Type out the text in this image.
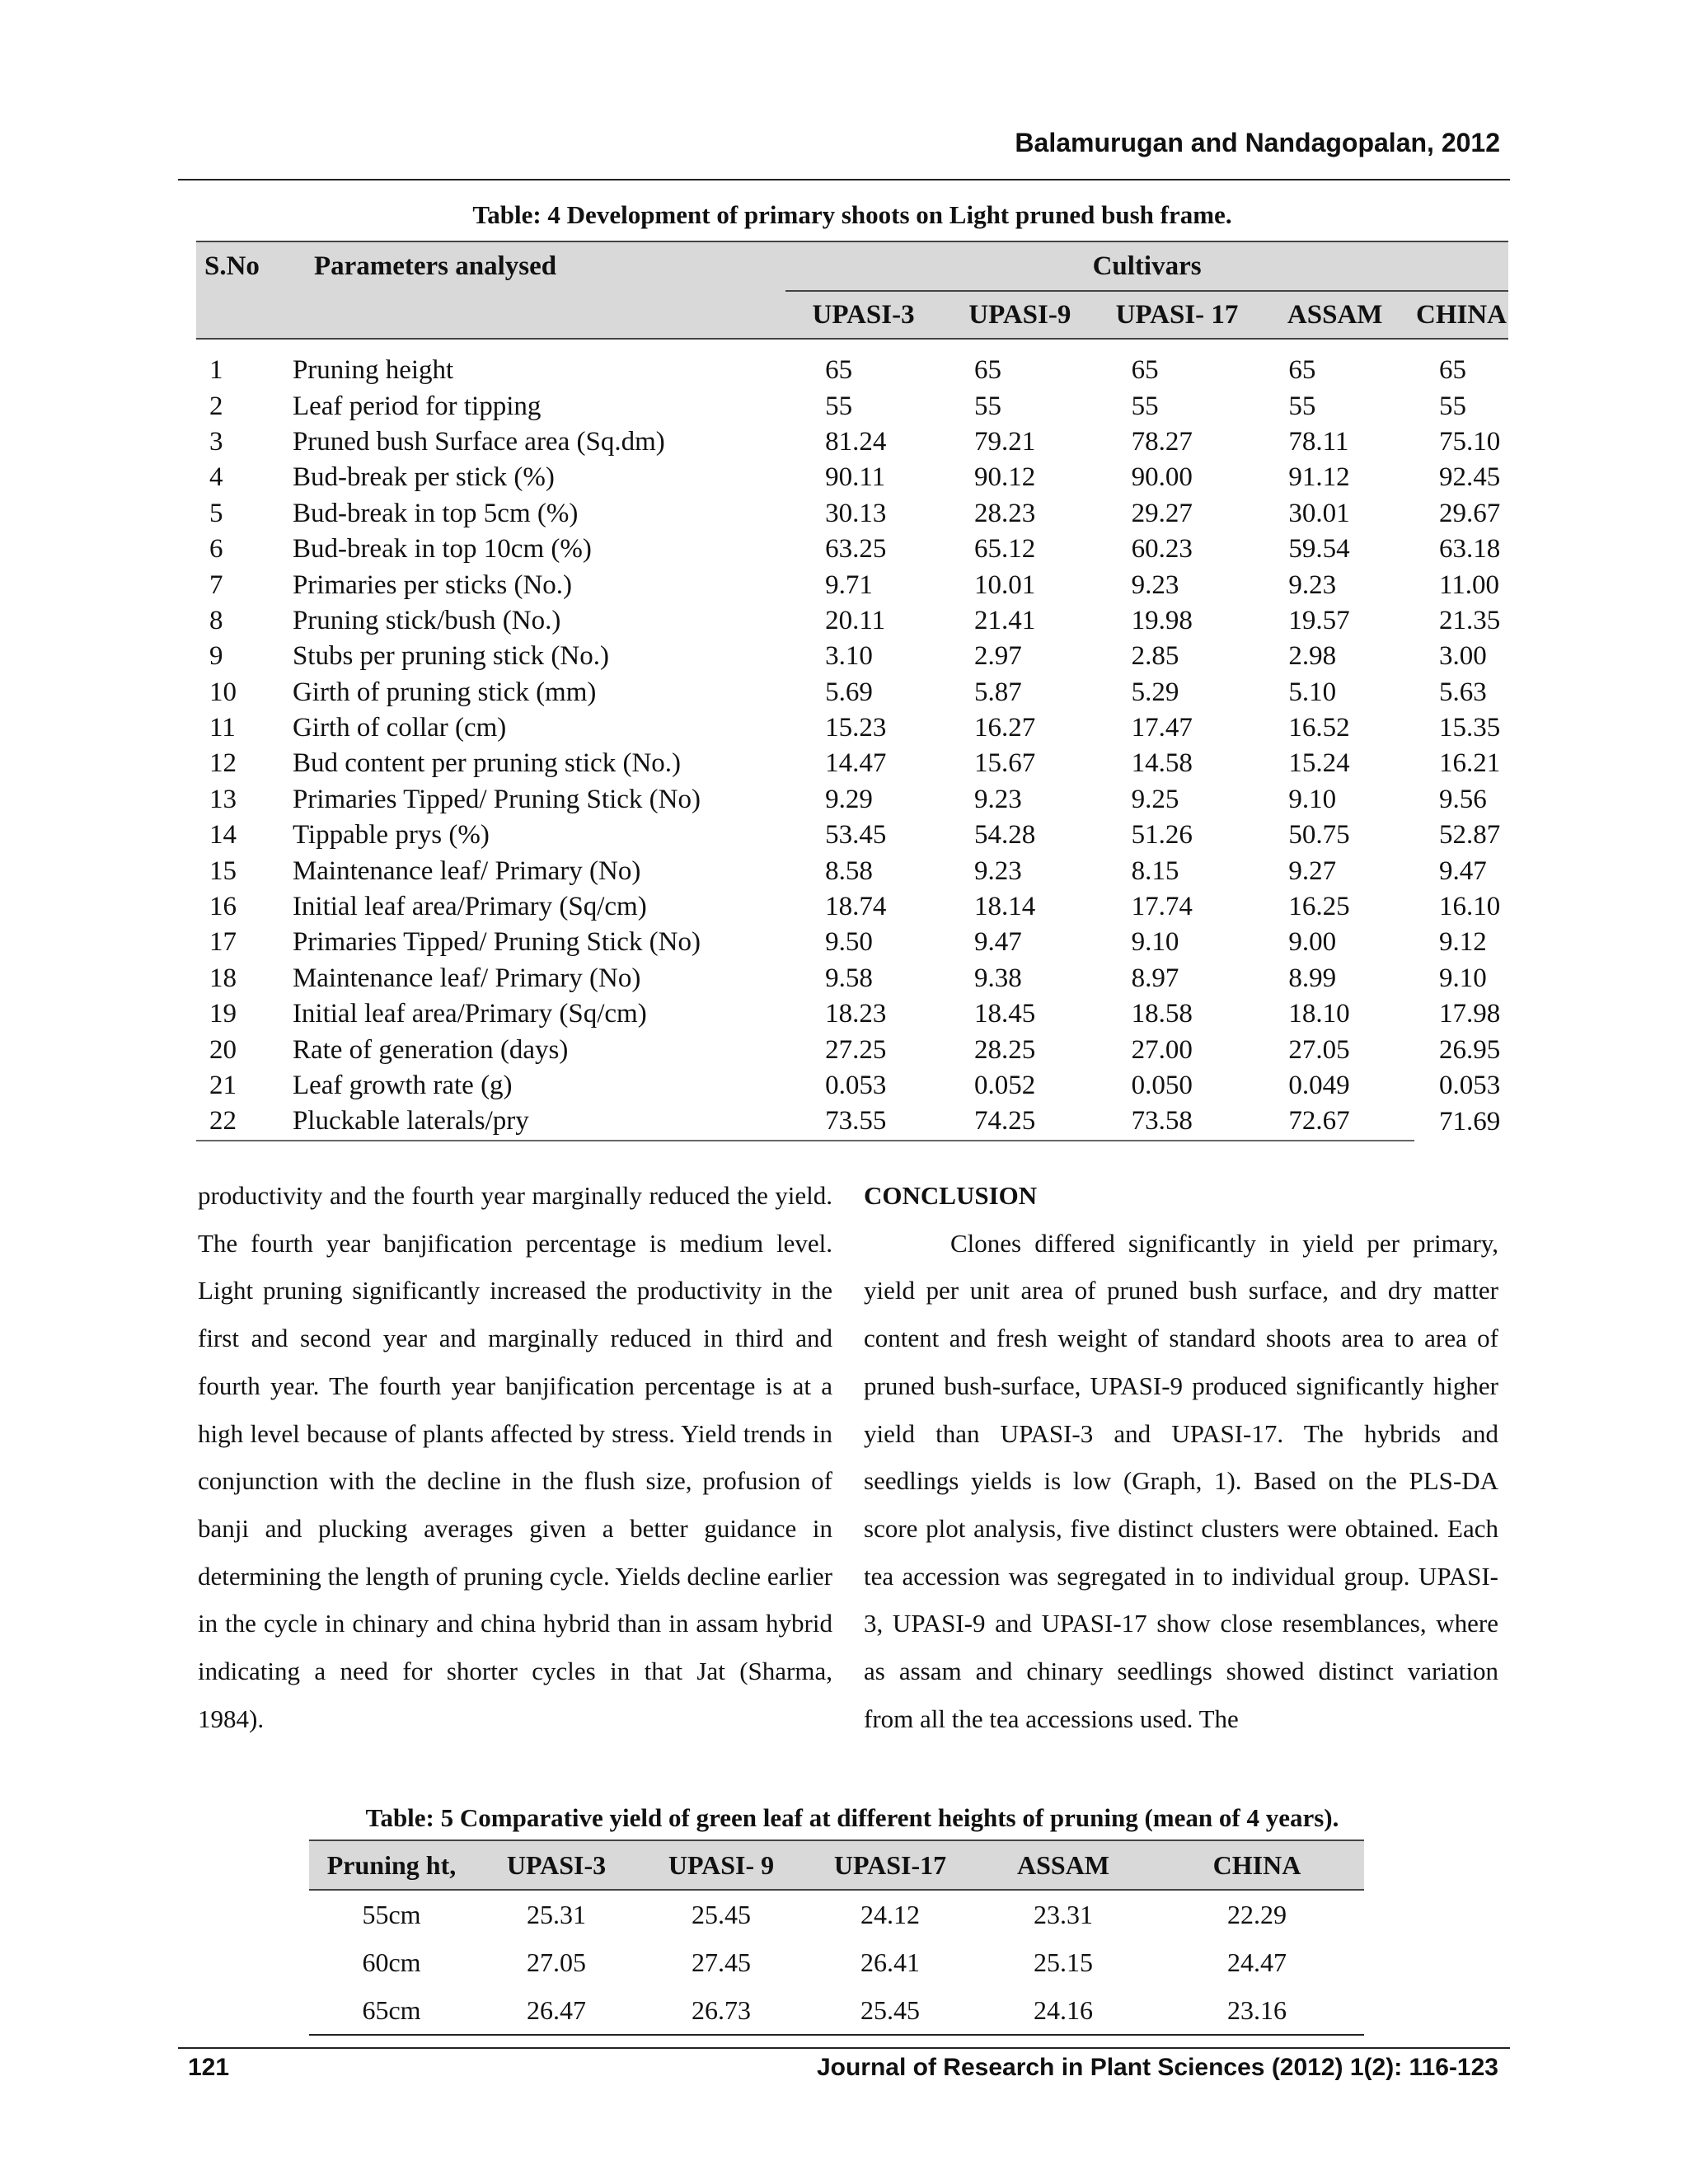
Balamurugan and Nandagopalan, 2012
Table: 4 Development of primary shoots on Light pruned bush frame.
S.No	Parameters analysed	Cultivars				
		UPASI-3	UPASI-9	UPASI- 17	ASSAM	CHINA

1	Pruning height	65	65	65	65	65
2	Leaf period for tipping	55	55	55	55	55
3	Pruned bush Surface area (Sq.dm)	81.24	79.21	78.27	78.11	75.10
4	Bud-break per stick (%)	90.11	90.12	90.00	91.12	92.45
5	Bud-break in top 5cm (%)	30.13	28.23	29.27	30.01	29.67
6	Bud-break in top 10cm (%)	63.25	65.12	60.23	59.54	63.18
7	Primaries per sticks (No.)	9.71	10.01	9.23	9.23	11.00
8	Pruning stick/bush (No.)	20.11	21.41	19.98	19.57	21.35
9	Stubs per pruning stick (No.)	3.10	2.97	2.85	2.98	3.00
10	Girth of pruning stick (mm)	5.69	5.87	5.29	5.10	5.63
11	Girth of collar (cm)	15.23	16.27	17.47	16.52	15.35
12	Bud content per pruning stick (No.)	14.47	15.67	14.58	15.24	16.21
13	Primaries Tipped/ Pruning Stick (No)	9.29	9.23	9.25	9.10	9.56
14	Tippable prys (%)	53.45	54.28	51.26	50.75	52.87
15	Maintenance leaf/ Primary (No)	8.58	9.23	8.15	9.27	9.47
16	Initial leaf area/Primary (Sq/cm)	18.74	18.14	17.74	16.25	16.10
17	Primaries Tipped/ Pruning Stick (No)	9.50	9.47	9.10	9.00	9.12
18	Maintenance leaf/ Primary (No)	9.58	9.38	8.97	8.99	9.10
19	Initial leaf area/Primary (Sq/cm)	18.23	18.45	18.58	18.10	17.98
20	Rate of generation (days)	27.25	28.25	27.00	27.05	26.95
21	Leaf growth rate (g)	0.053	0.052	0.050	0.049	0.053
22	Pluckable laterals/pry	73.55	74.25	73.58	72.67	71.69

productivity and the fourth year marginally reduced the yield. The fourth year banjification percentage is medium level. Light pruning significantly increased the productivity in the first and second year and marginally reduced in third and fourth year. The fourth year banjification percentage is at a high level because of plants affected by stress. Yield trends in conjunction with the decline in the flush size, profusion of banji and plucking averages given a better guidance in determining the length of pruning cycle. Yields decline earlier in the cycle in chinary and china hybrid than in assam hybrid indicating a need for shorter cycles in that Jat (Sharma, 1984).

CONCLUSION

Clones differed significantly in yield per primary, yield per unit area of pruned bush surface, and dry matter content and fresh weight of standard shoots area to area of pruned bush-surface, UPASI-9 produced significantly higher yield than UPASI-3 and UPASI-17. The hybrids and seedlings yields is low (Graph, 1). Based on the PLS-DA score plot analysis, five distinct clusters were obtained. Each tea accession was segregated in to individual group. UPASI-3, UPASI-9 and UPASI-17 show close resemblances, where as assam and chinary seedlings showed distinct variation from all the tea accessions used. The

Table: 5 Comparative yield of green leaf at different heights of pruning (mean of 4 years).
Pruning ht,	UPASI-3	UPASI- 9	UPASI-17	ASSAM	CHINA
55cm	25.31	25.45	24.12	23.31	22.29
60cm	27.05	27.45	26.41	25.15	24.47
65cm	26.47	26.73	25.45	24.16	23.16
121	Journal of Research in Plant Sciences (2012) 1(2): 116-123
